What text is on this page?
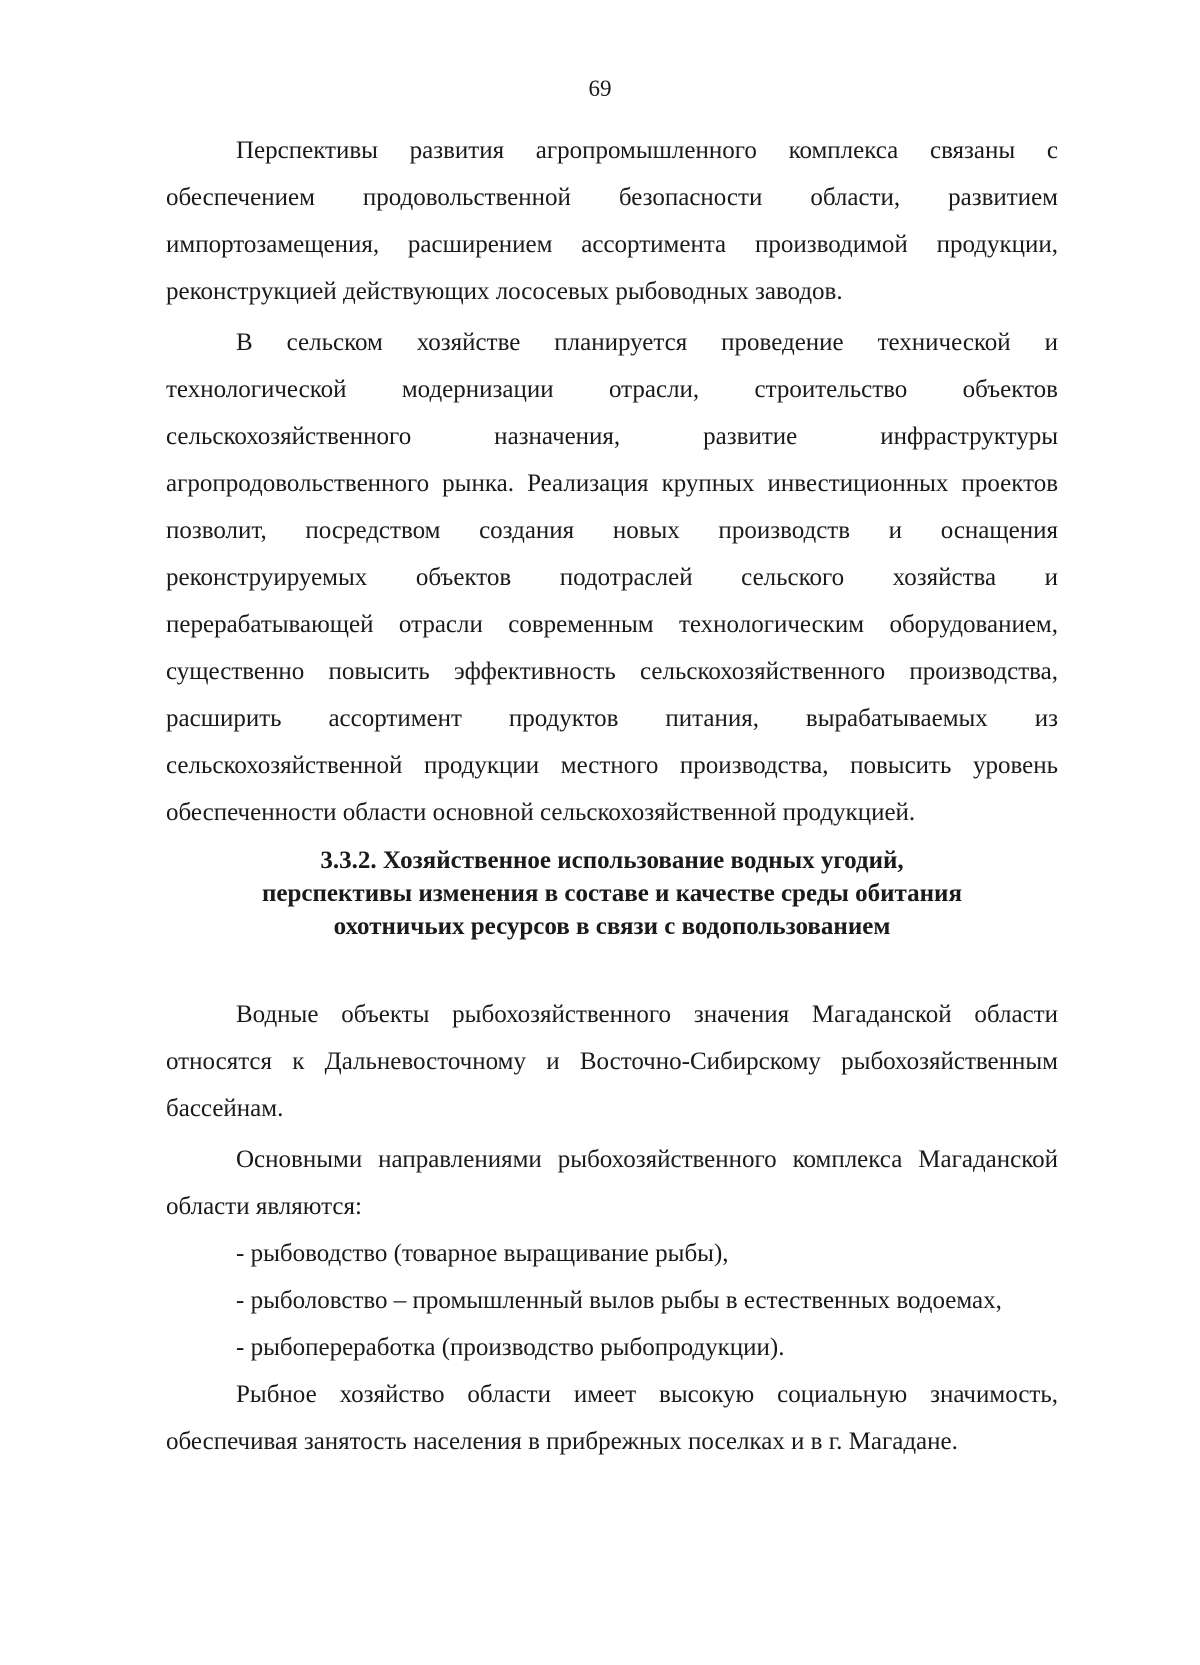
69

Перспективы развития агропромышленного комплекса связаны с обеспечением продовольственной безопасности области, развитием импортозамещения, расширением ассортимента производимой продукции, реконструкцией действующих лососевых рыбоводных заводов.

В сельском хозяйстве планируется проведение технической и технологической модернизации отрасли, строительство объектов сельскохозяйственного назначения, развитие инфраструктуры агропродовольственного рынка. Реализация крупных инвестиционных проектов позволит, посредством создания новых производств и оснащения реконструируемых объектов подотраслей сельского хозяйства и перерабатывающей отрасли современным технологическим оборудованием, существенно повысить эффективность сельскохозяйственного производства, расширить ассортимент продуктов питания, вырабатываемых из сельскохозяйственной продукции местного производства, повысить уровень обеспеченности области основной сельскохозяйственной продукцией.

3.3.2. Хозяйственное использование водных угодий,
перспективы изменения в составе и качестве среды обитания
охотничьих ресурсов в связи с водопользованием

Водные объекты рыбохозяйственного значения Магаданской области относятся к Дальневосточному и Восточно-Сибирскому рыбохозяйственным бассейнам.

Основными направлениями рыбохозяйственного комплекса Магаданской области являются:

- рыбоводство (товарное выращивание рыбы),

- рыболовство – промышленный вылов рыбы в естественных водоемах,

- рыбопереработка (производство рыбопродукции).

Рыбное хозяйство области имеет высокую социальную значимость, обеспечивая занятость населения в прибрежных поселках и в г. Магадане.
